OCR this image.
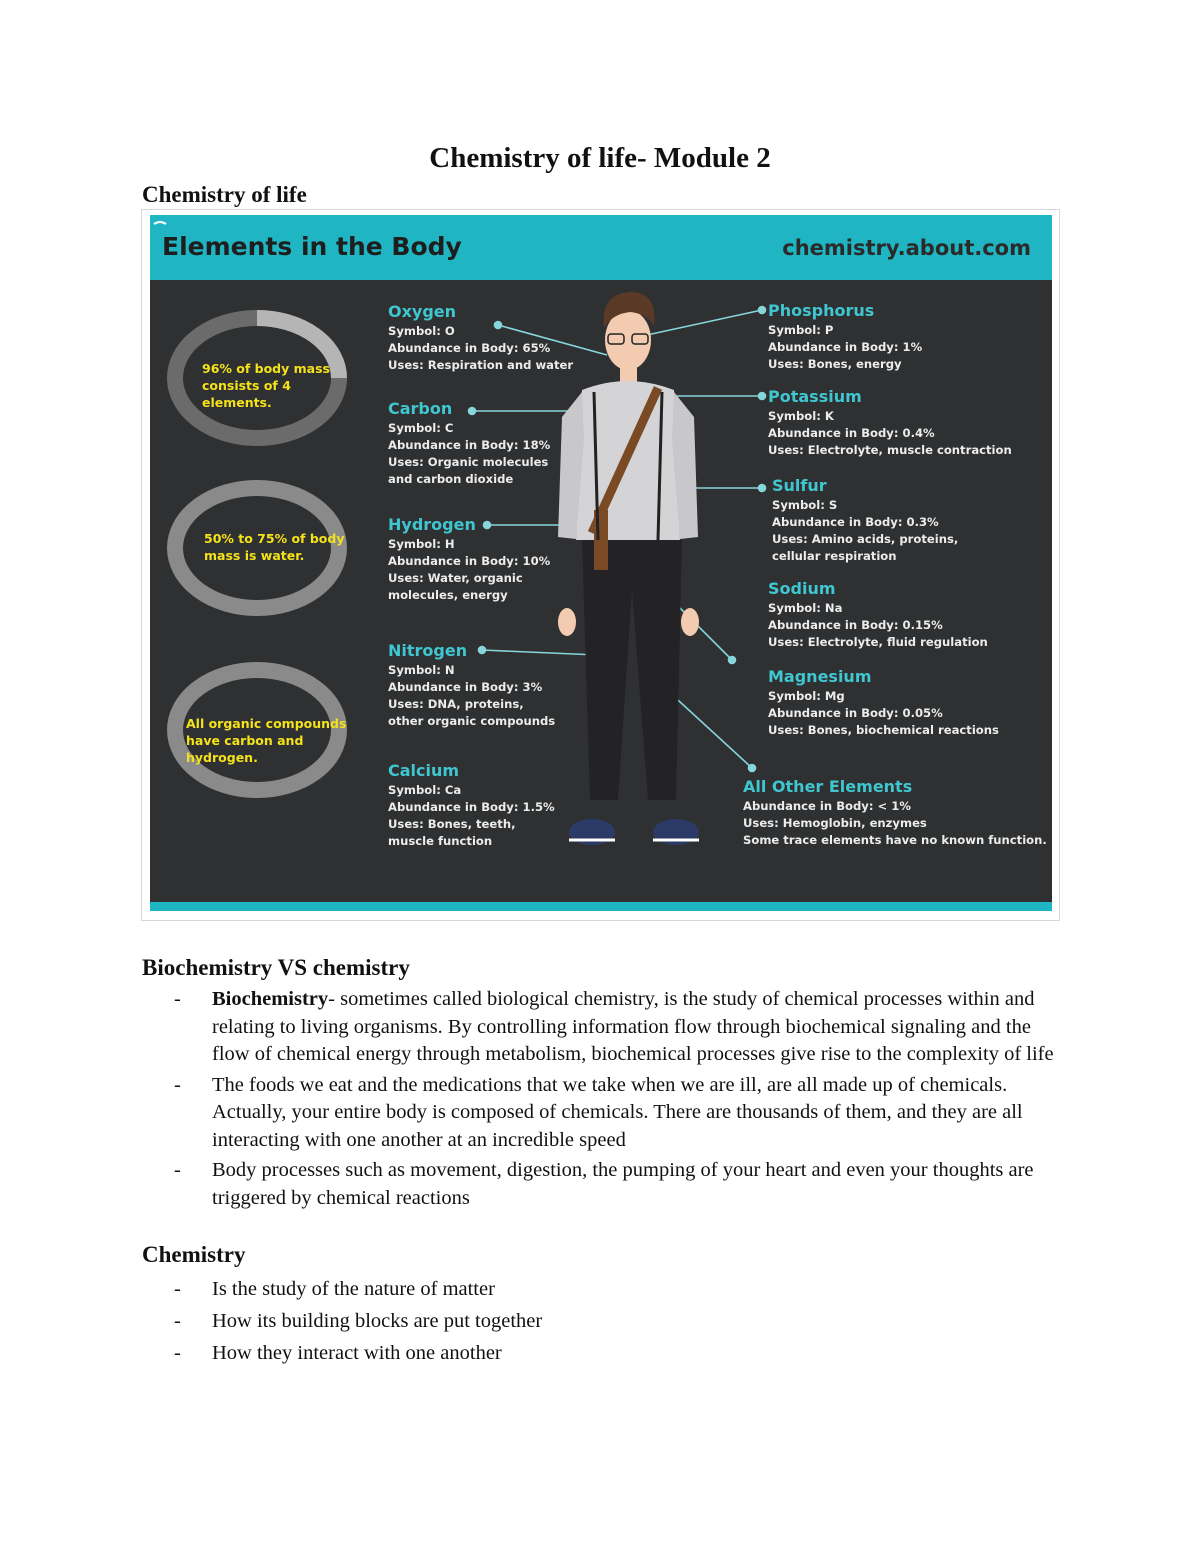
Chemistry of life- Module 2
Chemistry of life
Elements in the Body	chemistry.about.com
96% of body mass
consists of 4 elements.
50% to 75% of body
mass is water.
All organic compounds
have carbon and hydrogen.
Oxygen
Symbol: O
Abundance in Body: 65%
Uses: Respiration and water
Carbon
Symbol: C
Abundance in Body: 18%
Uses: Organic molecules
and carbon dioxide
Hydrogen
Symbol: H
Abundance in Body: 10%
Uses: Water, organic
molecules, energy
Nitrogen
Symbol: N
Abundance in Body: 3%
Uses: DNA, proteins,
other organic compounds
Calcium
Symbol: Ca
Abundance in Body: 1.5%
Uses: Bones, teeth,
muscle function
Phosphorus
Symbol: P
Abundance in Body: 1%
Uses: Bones, energy
Potassium
Symbol: K
Abundance in Body: 0.4%
Uses: Electrolyte, muscle contraction
Sulfur
Symbol: S
Abundance in Body: 0.3%
Uses: Amino acids, proteins,
cellular respiration
Sodium
Symbol: Na
Abundance in Body: 0.15%
Uses: Electrolyte, fluid regulation
Magnesium
Symbol: Mg
Abundance in Body: 0.05%
Uses: Bones, biochemical reactions
All Other Elements
Abundance in Body: < 1%
Uses: Hemoglobin, enzymes
Some trace elements have no known function.
Biochemistry VS chemistry
- Biochemistry- sometimes called biological chemistry, is the study of chemical processes within and relating to living organisms. By controlling information flow through biochemical signaling and the flow of chemical energy through metabolism, biochemical processes give rise to the complexity of life
- The foods we eat and the medications that we take when we are ill, are all made up of chemicals. Actually, your entire body is composed of chemicals. There are thousands of them, and they are all interacting with one another at an incredible speed
- Body processes such as movement, digestion, the pumping of your heart and even your thoughts are triggered by chemical reactions
Chemistry
- Is the study of the nature of matter
- How its building blocks are put together
- How they interact with one another
